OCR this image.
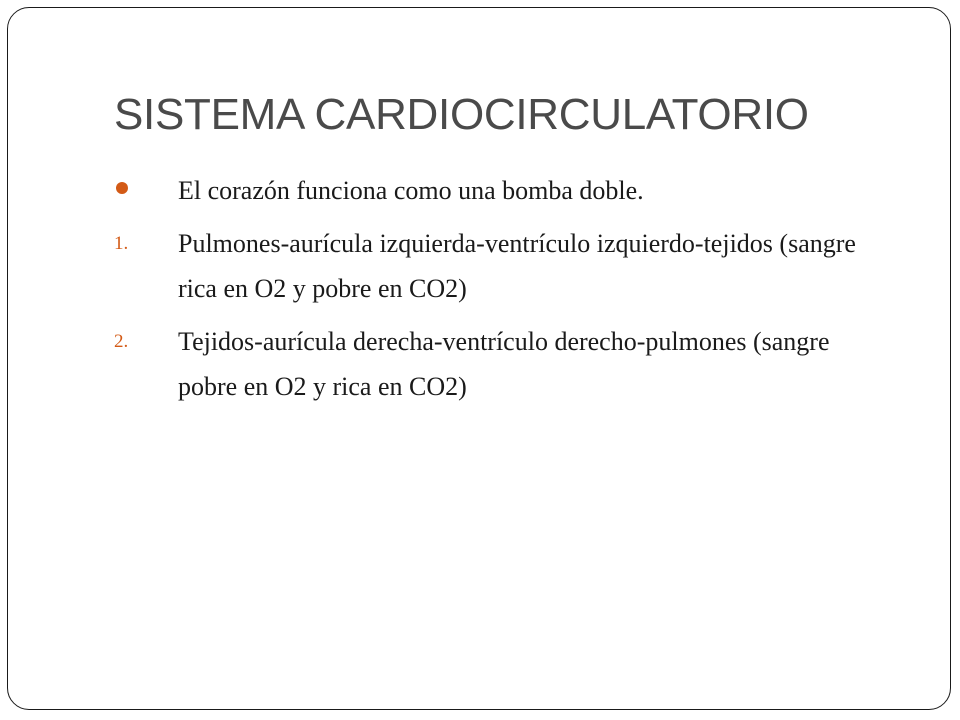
SISTEMA CARDIOCIRCULATORIO
El corazón funciona como una bomba doble.
1. Pulmones-aurícula izquierda-ventrículo izquierdo-tejidos (sangre rica en O2 y pobre en CO2)
2. Tejidos-aurícula derecha-ventrículo derecho-pulmones (sangre pobre en O2 y rica en CO2)
